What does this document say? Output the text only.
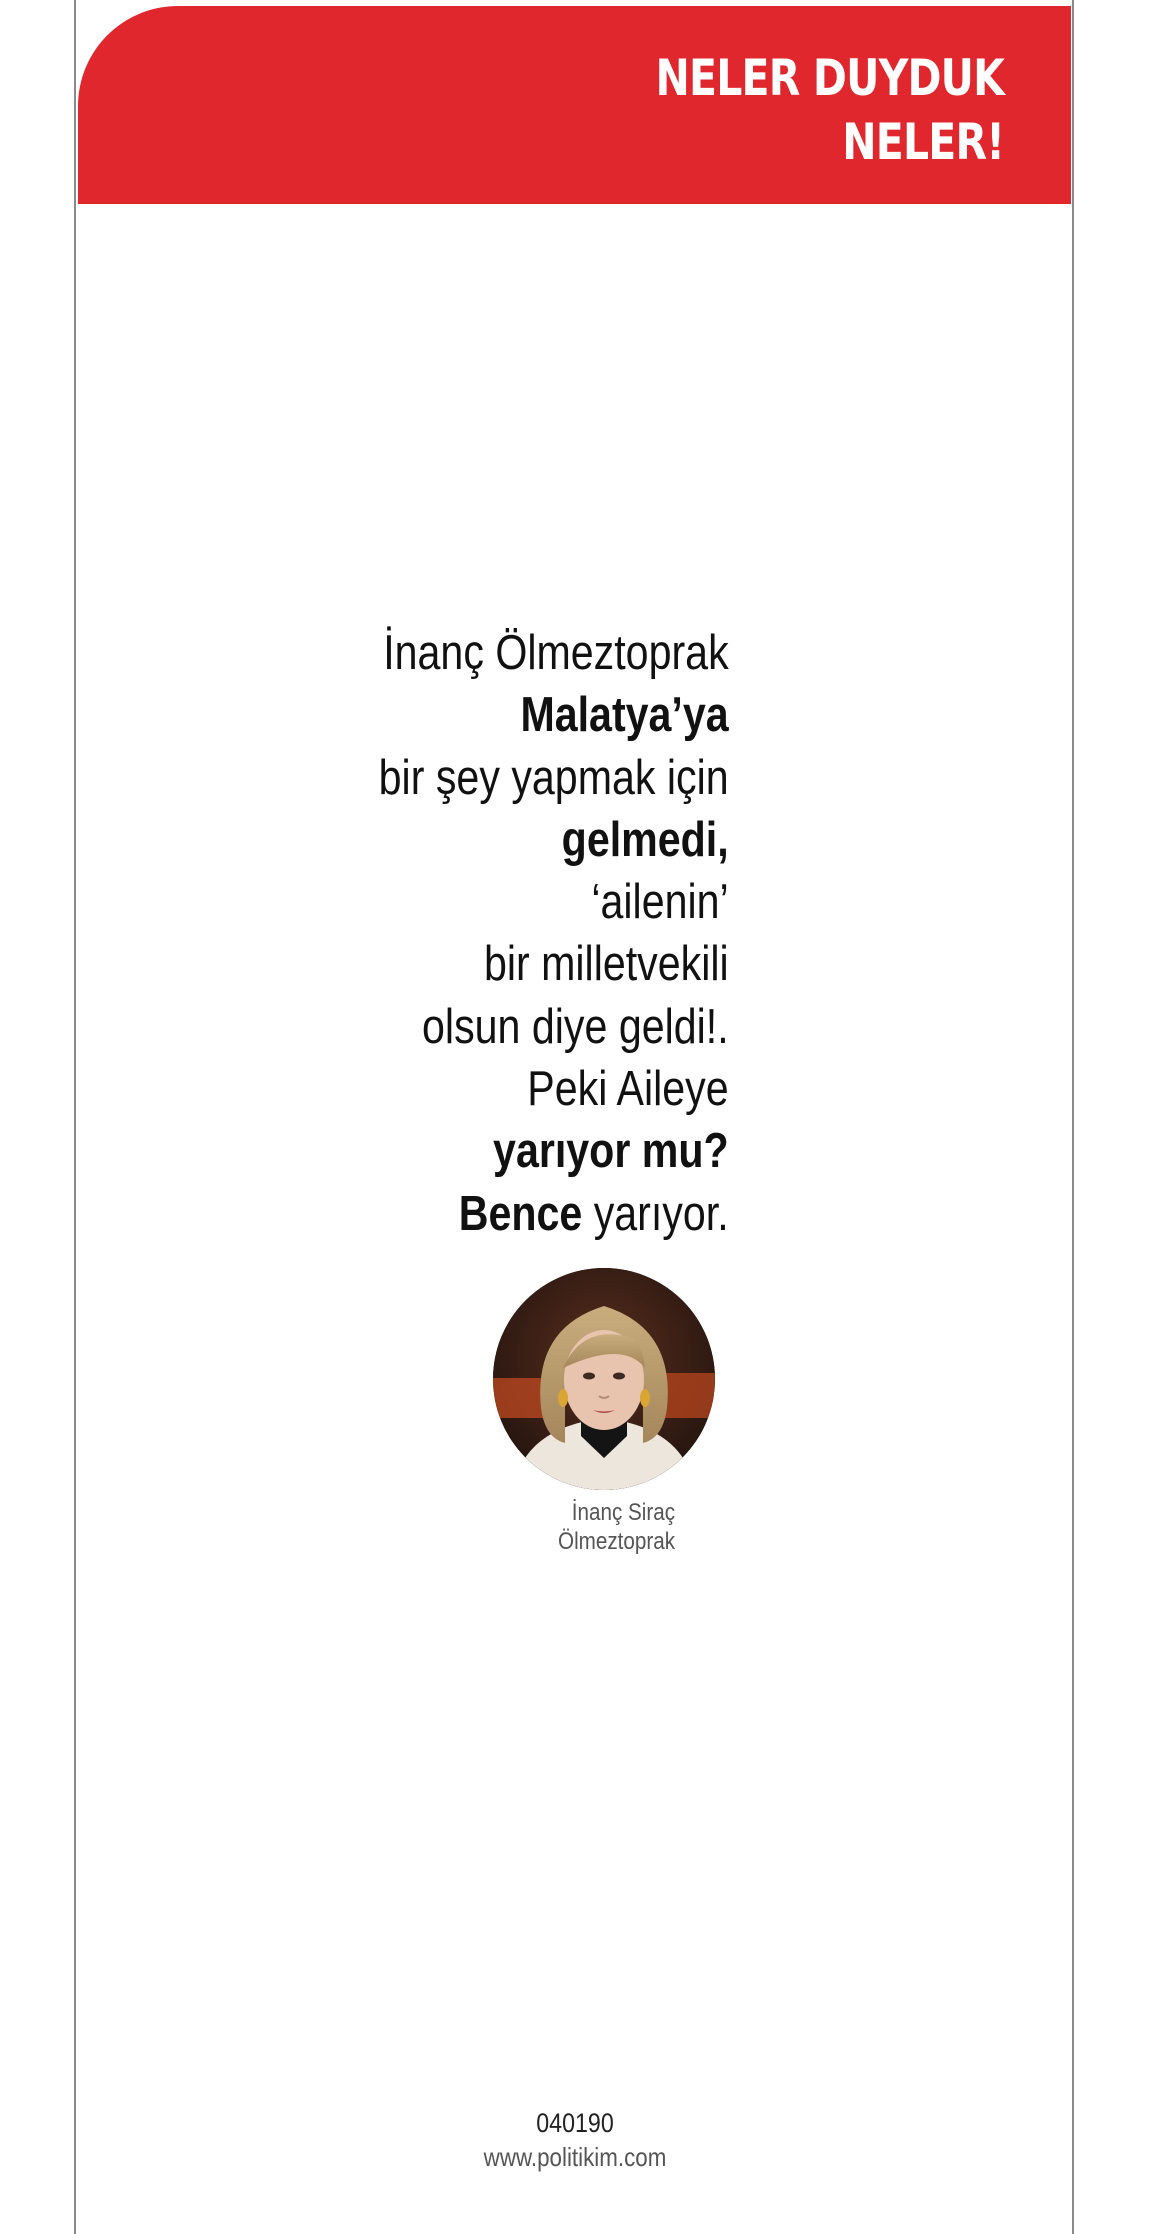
NELER DUYDUK
NELER!
İnanç Ölmeztoprak
Malatya’ya
bir şey yapmak için
gelmedi,
‘ailenin’
bir milletvekili
olsun diye geldi!.
Peki Aileye
yarıyor mu?
Bence yarıyor.
İnanç Siraç
Ölmeztoprak
040190
www.politikim.com
